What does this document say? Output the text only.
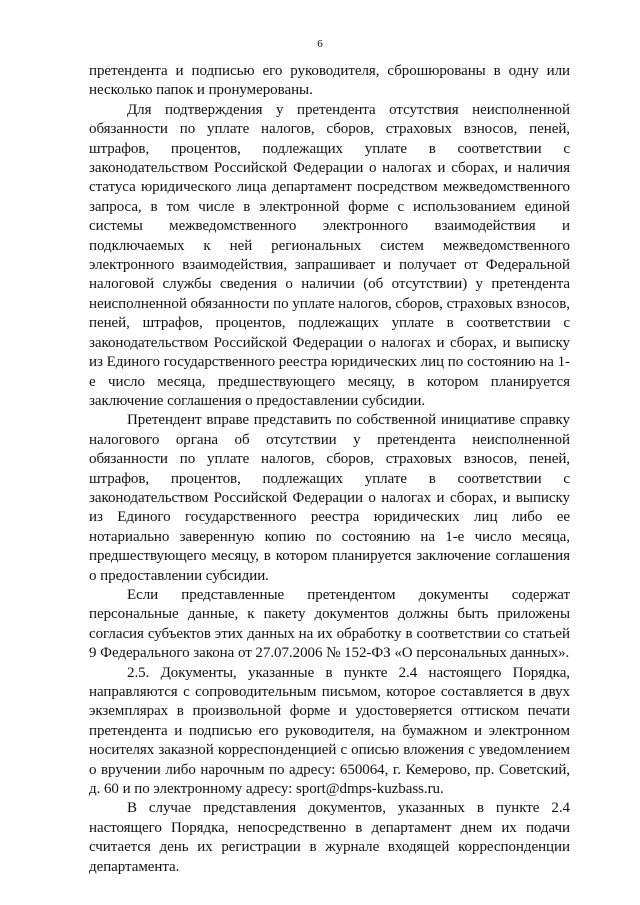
6

претендента и подписью его руководителя, сброшюрованы в одну или несколько папок и пронумерованы.

Для подтверждения у претендента отсутствия неисполненной обязанности по уплате налогов, сборов, страховых взносов, пеней, штрафов, процентов, подлежащих уплате в соответствии с законодательством Российской Федерации о налогах и сборах, и наличия статуса юридического лица департамент посредством межведомственного запроса, в том числе в электронной форме с использованием единой системы межведомственного электронного взаимодействия и подключаемых к ней региональных систем межведомственного электронного взаимодействия, запрашивает и получает от Федеральной налоговой службы сведения о наличии (об отсутствии) у претендента неисполненной обязанности по уплате налогов, сборов, страховых взносов, пеней, штрафов, процентов, подлежащих уплате в соответствии с законодательством Российской Федерации о налогах и сборах, и выписку из Единого государственного реестра юридических лиц по состоянию на 1-е число месяца, предшествующего месяцу, в котором планируется заключение соглашения о предоставлении субсидии.

Претендент вправе представить по собственной инициативе справку налогового органа об отсутствии у претендента неисполненной обязанности по уплате налогов, сборов, страховых взносов, пеней, штрафов, процентов, подлежащих уплате в соответствии с законодательством Российской Федерации о налогах и сборах, и выписку из Единого государственного реестра юридических лиц либо ее нотариально заверенную копию по состоянию на 1-е число месяца, предшествующего месяцу, в котором планируется заключение соглашения о предоставлении субсидии.

Если представленные претендентом документы содержат персональные данные, к пакету документов должны быть приложены согласия субъектов этих данных на их обработку в соответствии со статьей 9 Федерального закона от 27.07.2006 № 152-ФЗ «О персональных данных».

2.5. Документы, указанные в пункте 2.4 настоящего Порядка, направляются с сопроводительным письмом, которое составляется в двух экземплярах в произвольной форме и удостоверяется оттиском печати претендента и подписью его руководителя, на бумажном и электронном носителях заказной корреспонденцией с описью вложения с уведомлением о вручении либо нарочным по адресу: 650064, г. Кемерово, пр. Советский, д. 60 и по электронному адресу: sport@dmps-kuzbass.ru.

В случае представления документов, указанных в пункте 2.4 настоящего Порядка, непосредственно в департамент днем их подачи считается день их регистрации в журнале входящей корреспонденции департамента.
